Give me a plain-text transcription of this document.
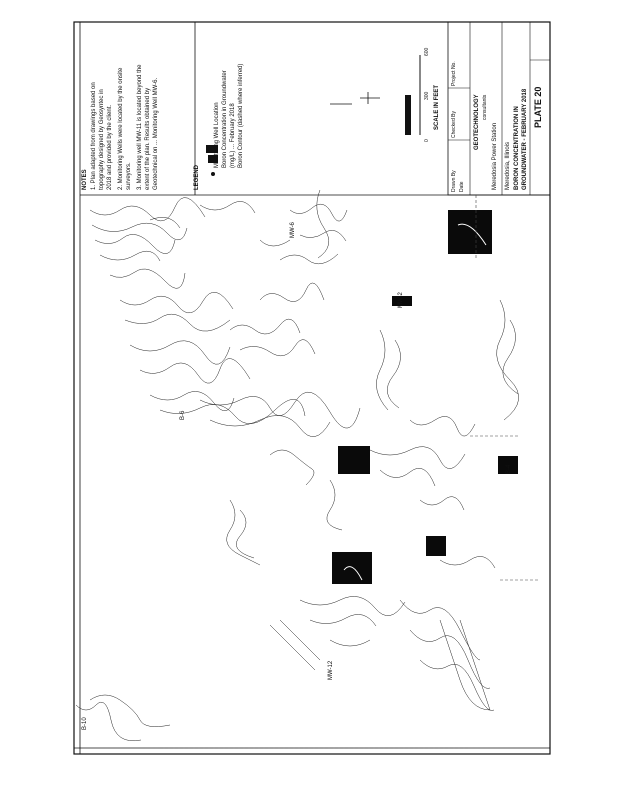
NOTES 1. Plan adapted from drawings based on topography designed by Geosyntec in 2018 and provided by the client. 2. Monitoring Wells were located by the onsite surveyors. 3. Monitoring well MW-11 is located beyond the extent of the plan. Results obtained by Geotechnical on ... Monitoring Well MW-6.	LEGEND
Monitoring Well Location Boron Concentration in Groundwater (mg/L) ... February 2018 Boron Contour (dashed where inferred)	SCALE IN FEET
0
300
600
Drawn By Date
Checked By
Project No.
GEOTECHNOLOGY consultants
Meredosia Power Station Meredosia, Illinois BORON CONCENTRATION IN GROUNDWATER - FEBRUARY 2018 PLATE 20
B-6
MW-6
MW-2
B-4
MW-12
B-10
